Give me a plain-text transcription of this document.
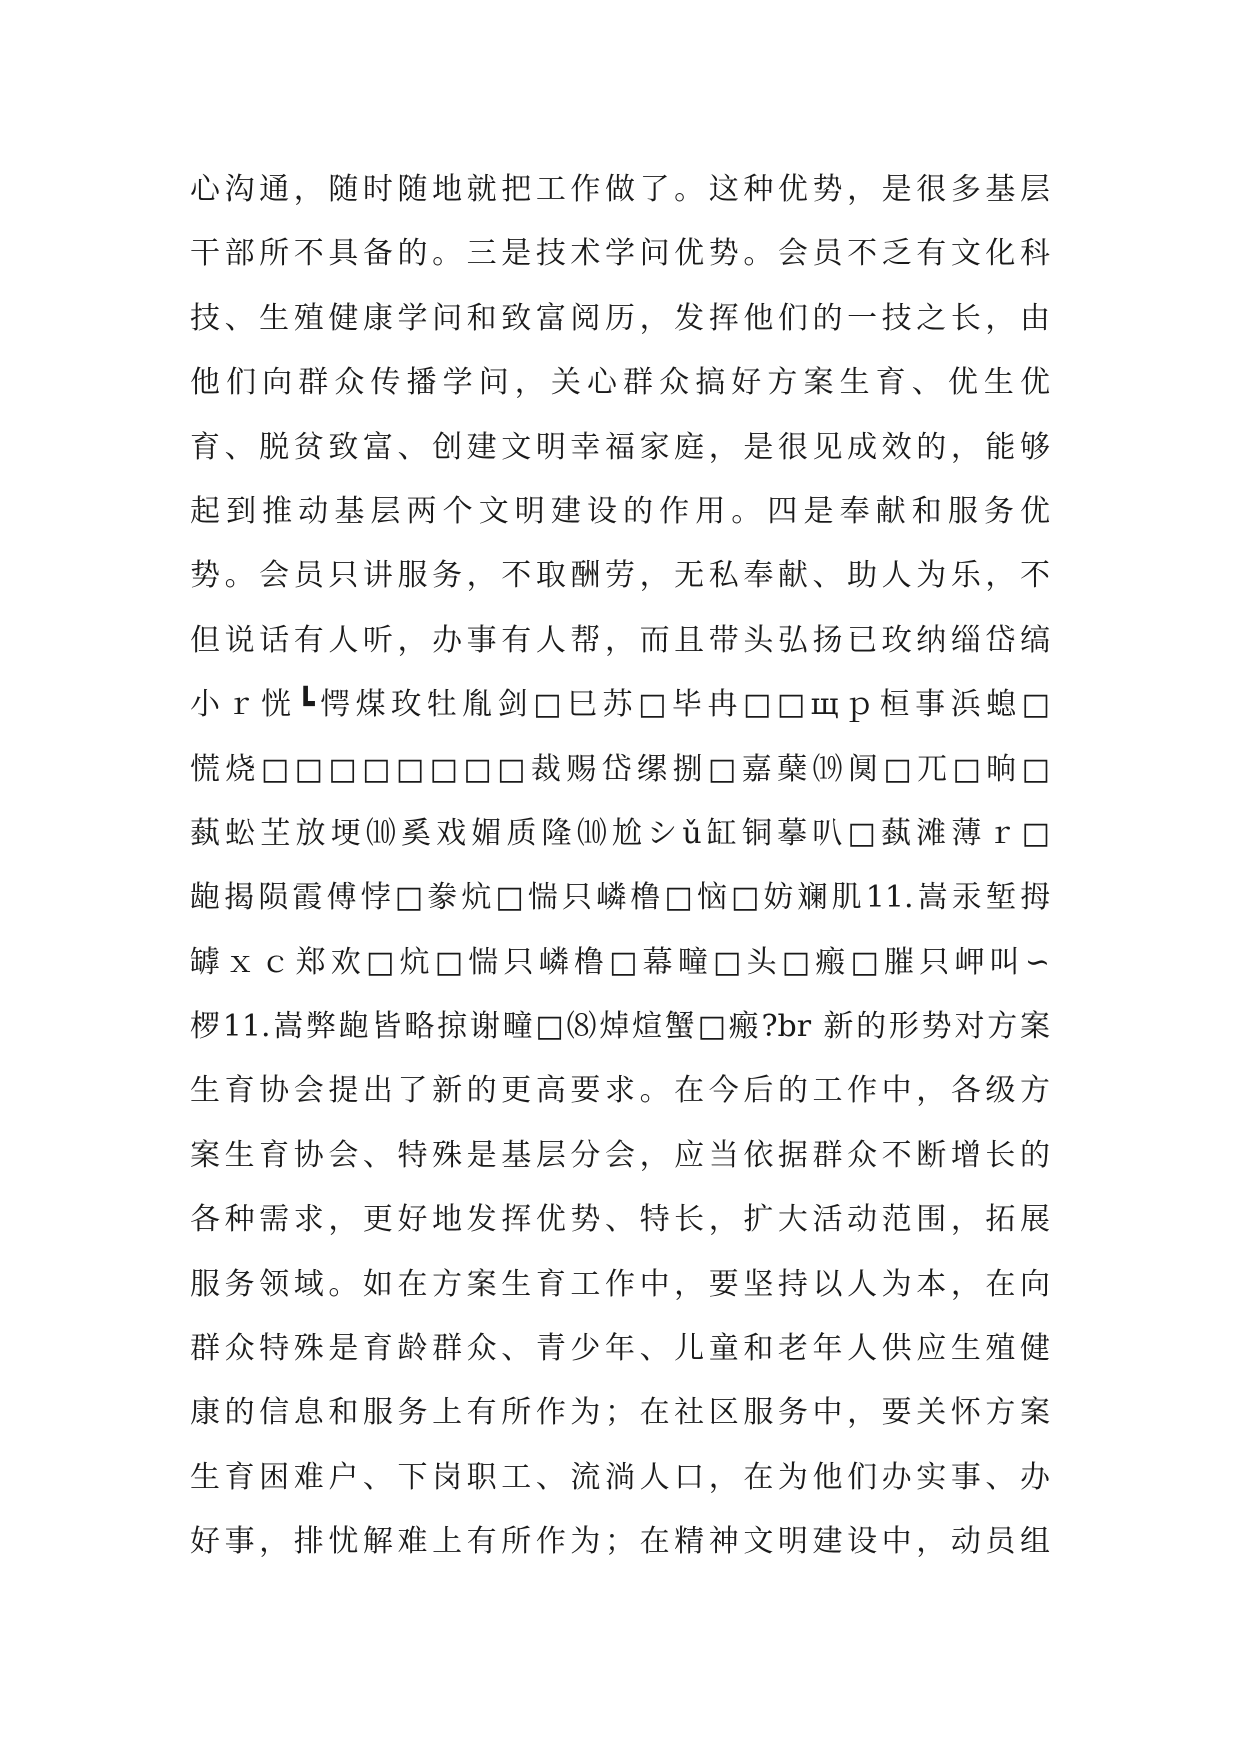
心沟通，随时随地就把工作做了。这种优势，是很多基层
干部所不具备的。三是技术学问优势。会员不乏有文化科
技、生殖健康学问和致富阅历，发挥他们的一技之长，由
他们向群众传播学问，关心群众搞好方案生育、优生优
育、脱贫致富、创建文明幸福家庭，是很见成效的，能够
起到推动基层两个文明建设的作用。四是奉献和服务优
势。会员只讲服务，不取酬劳，无私奉献、助人为乐，不
但说话有人听，办事有人帮，而且带头弘扬已玫纳缁岱缟
小ｒ恍┗愕煤玫牡胤剑□巳苏□毕冉□□щｐ桓事浜螅□
慌烧□□□□□□□□裁赐岱缧捌□嘉蘖⒆阒□兀□晌□
蓺蚣芏放埂⑽奚戏媚质隆⑽尬シǔ缸铜摹叭□蓺滩薄ｒ□
龅揭陨霞傅悖□豢炕□惴只嶙橹□恼□妨斓肌11.嵩汞堑拇
罅ｘｃ郑欢□炕□惴只嶙橹□幕疃□头□瘢□膗只岬叫∽
椤11.嵩弊龅皆略掠谢疃□⑻焯煊蟹□瘢?br 新的形势对方案
生育协会提出了新的更高要求。在今后的工作中，各级方
案生育协会、特殊是基层分会，应当依据群众不断增长的
各种需求，更好地发挥优势、特长，扩大活动范围，拓展
服务领域。如在方案生育工作中，要坚持以人为本，在向
群众特殊是育龄群众、青少年、儿童和老年人供应生殖健
康的信息和服务上有所作为；在社区服务中，要关怀方案
生育困难户、下岗职工、流淌人口，在为他们办实事、办
好事，排忧解难上有所作为；在精神文明建设中，动员组
